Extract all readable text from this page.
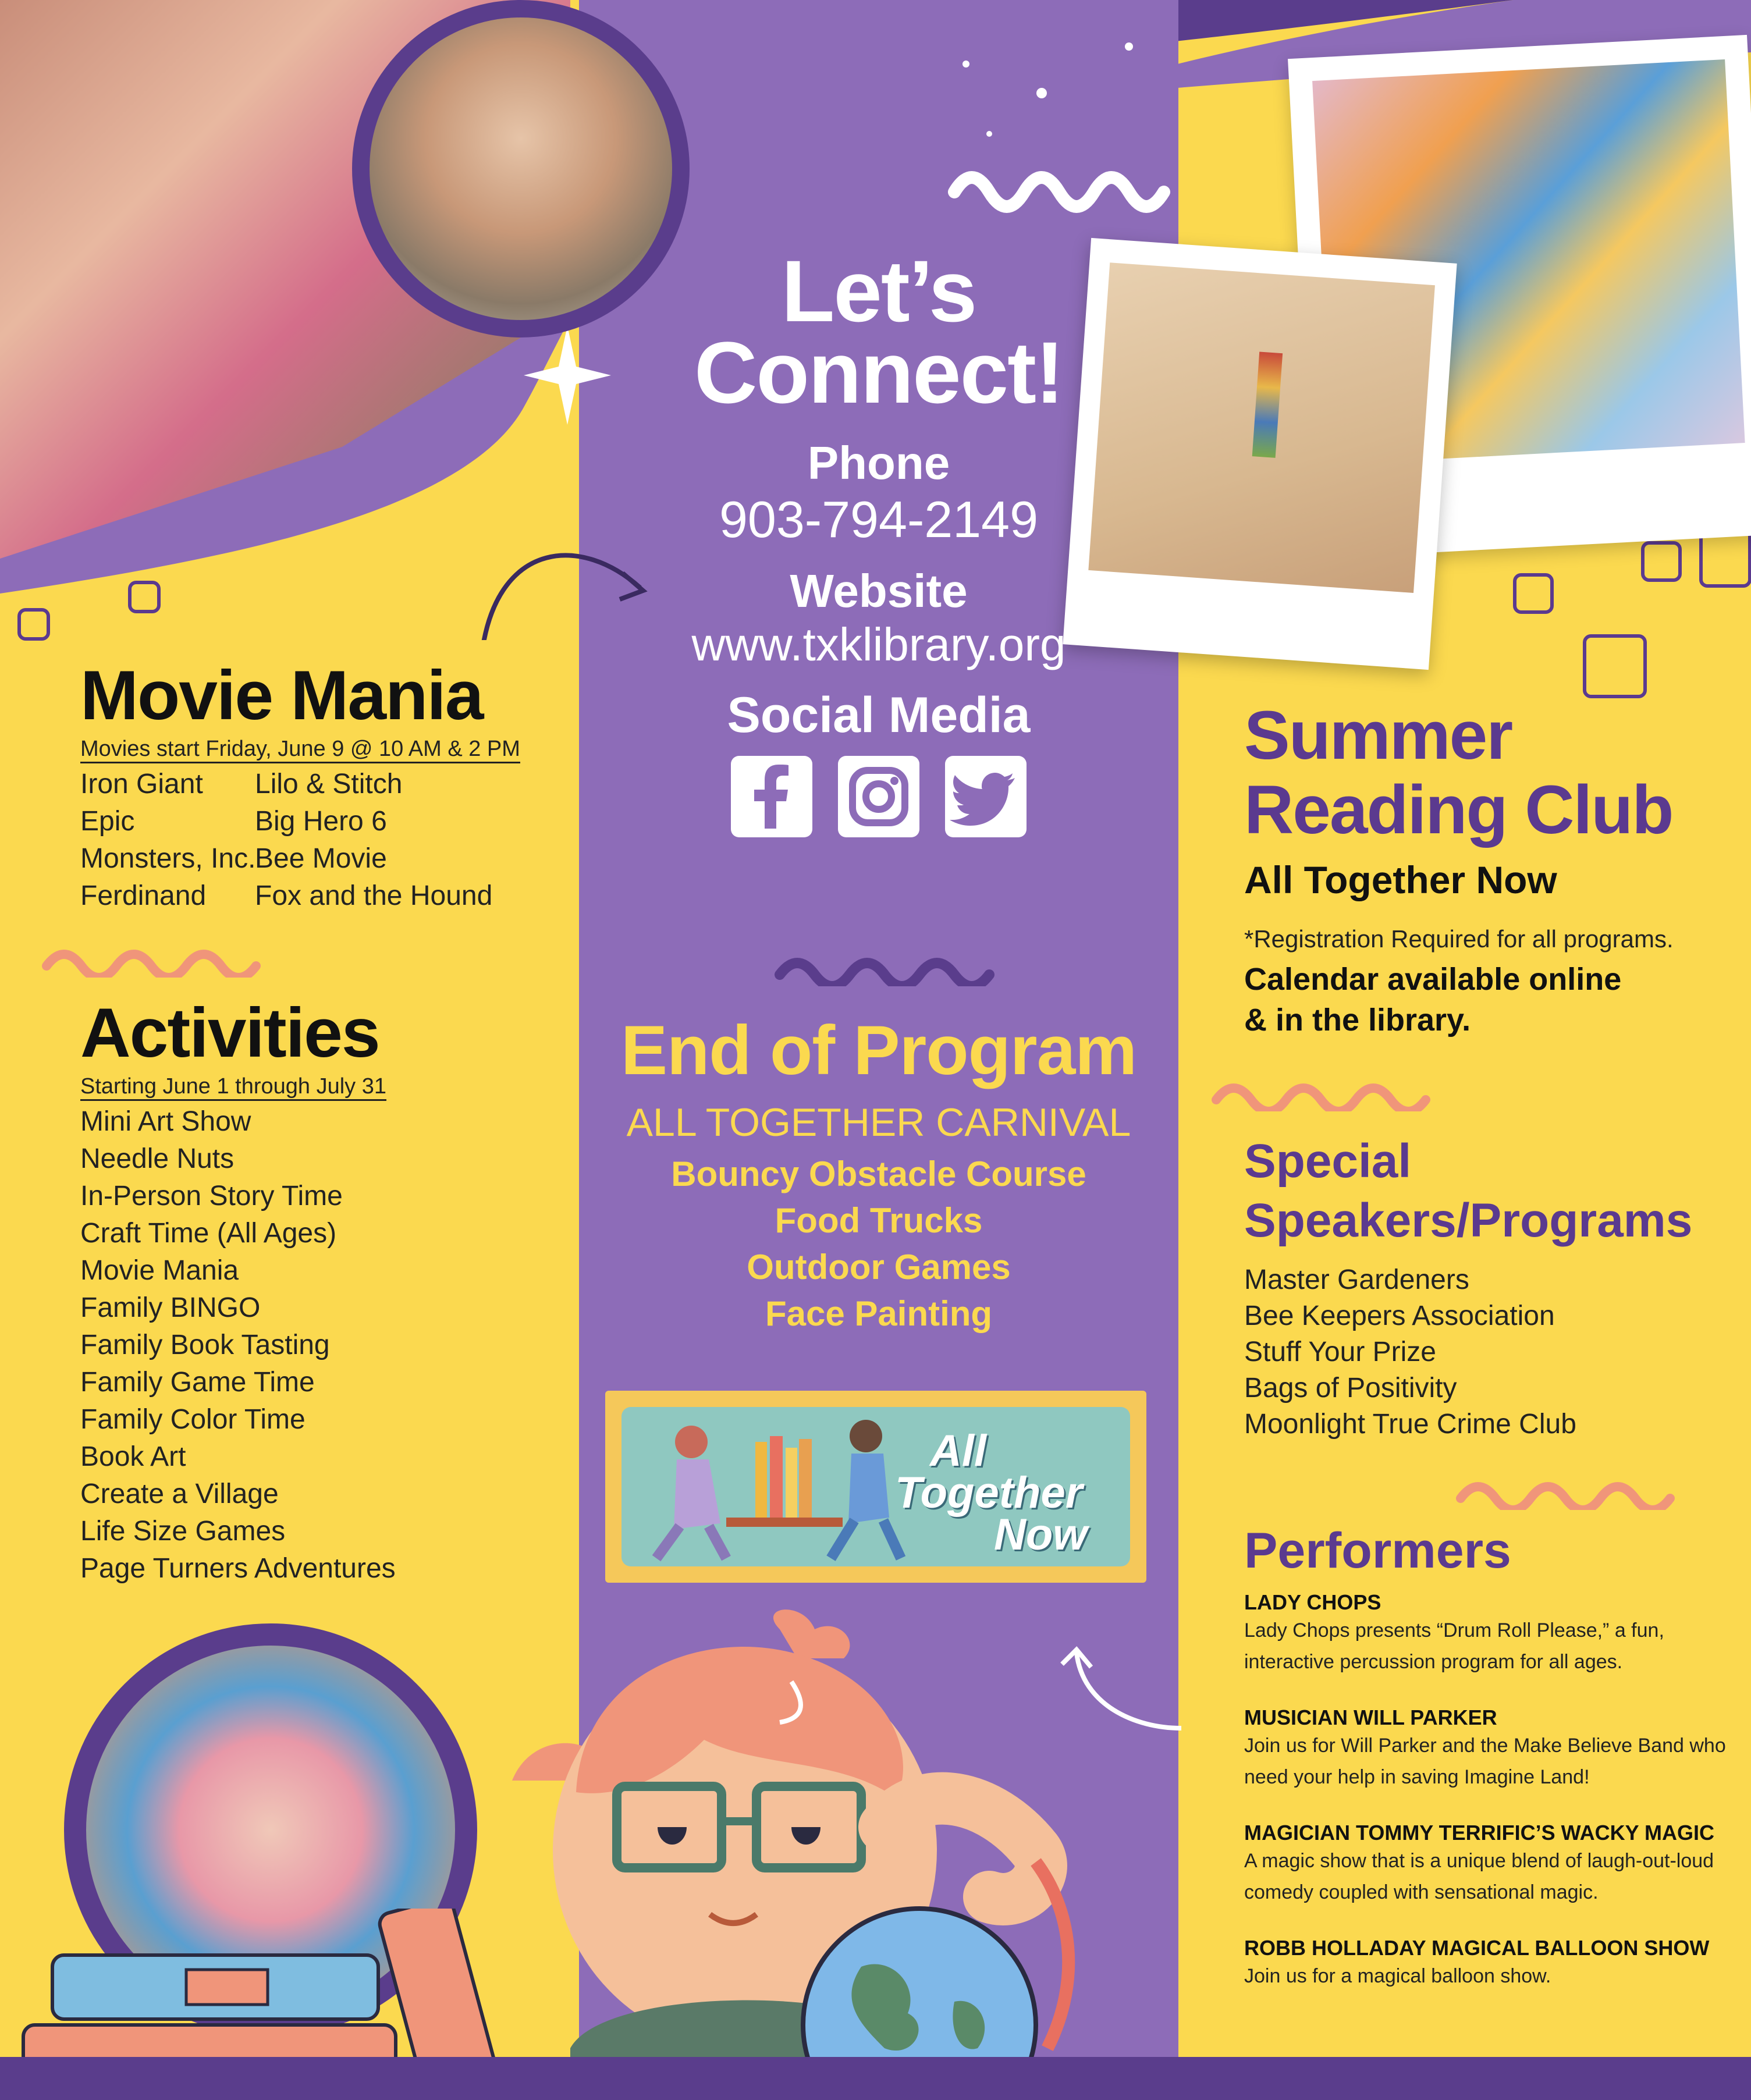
Movie Mania
Movies start Friday, June 9 @ 10 AM & 2 PM
Iron Giant
Epic
Monsters, Inc.
Ferdinand
Lilo & Stitch
Big Hero 6
Bee Movie
Fox and the Hound
Activities
Starting June 1 through July 31
Mini Art Show
Needle Nuts
In-Person Story Time
Craft Time (All Ages)
Movie Mania
Family BINGO
Family Book Tasting
Family Game Time
Family Color Time
Book Art
Create a Village
Life Size Games
Page Turners Adventures
Let’s
Connect!
Phone
903-794-2149
Website
www.txklibrary.org
Social Media

End of Program
ALL TOGETHER CARNIVAL
Bouncy Obstacle Course
Food Trucks
Outdoor Games
Face Painting
All
Together
Now
Summer
Reading Club
All Together Now
*Registration Required for all programs.
Calendar available online
& in the library.
Special
Speakers/Programs
Master Gardeners
Bee Keepers Association
Stuff Your Prize
Bags of Positivity
Moonlight True Crime Club
Performers
LADY CHOPS
Lady Chops presents “Drum Roll Please,” a fun,
interactive percussion program for all ages.
MUSICIAN WILL PARKER
Join us for Will Parker and the Make Believe Band who
need your help in saving Imagine Land!
MAGICIAN TOMMY TERRIFIC’S WACKY MAGIC
A magic show that is a unique blend of laugh-out-loud
comedy coupled with sensational magic.
ROBB HOLLADAY MAGICAL BALLOON SHOW
Join us for a magical balloon show.
